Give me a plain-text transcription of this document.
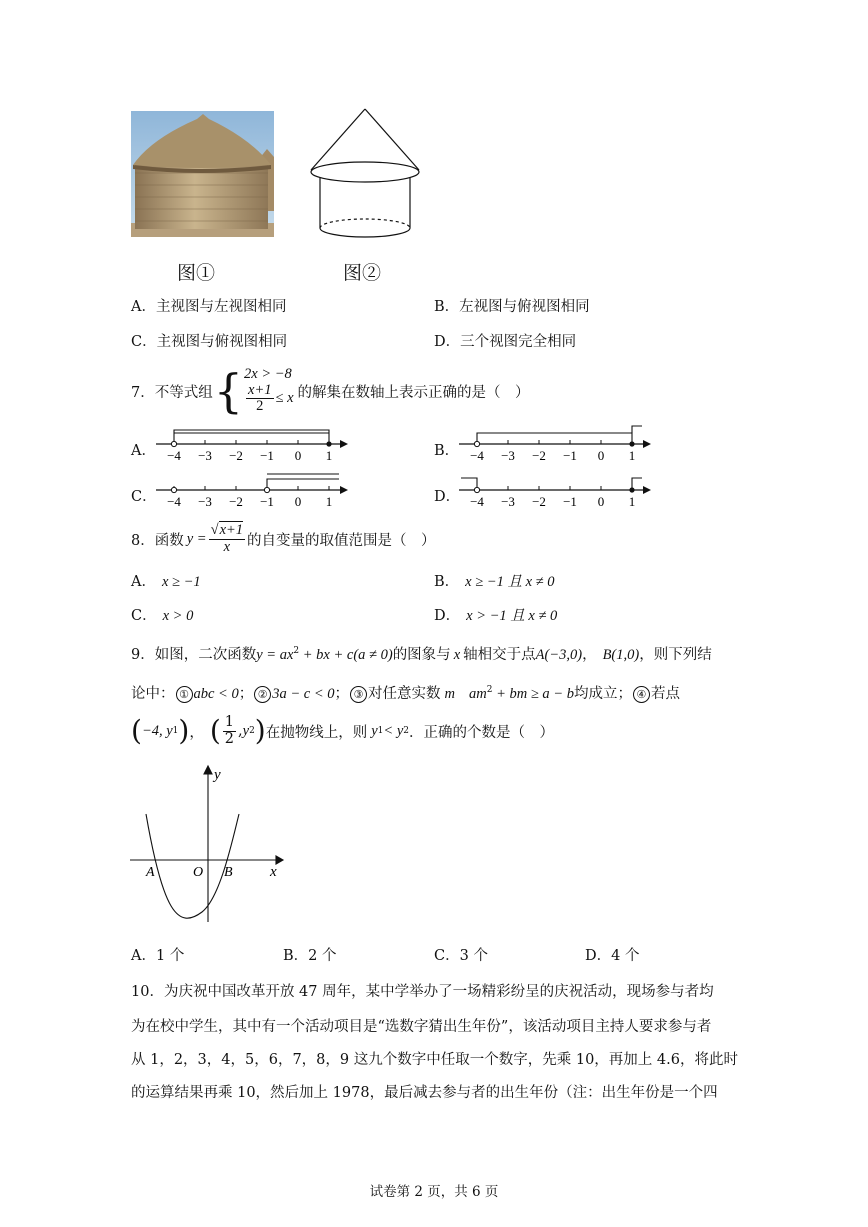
图①	图②
A．主视图与左视图相同	B．左视图与俯视图相同
C．主视图与俯视图相同	D．三个视图完全相同
7．不等式组 { 2x > −8
$\frac{x+1}{2} \le x$ 的解集在数轴上表示正确的是（　）
A． −4 −3 −2 −1 0 1	B． −4 −3 −2 −1 0 1
C． −4 −3 −2 −1 0 1	D． −4 −3 −2 −1 0 1
8．函数 $y = \frac{√x+1}{x}$ 的自变量的取值范围是（　）
A． x ≥ −1	B． x ≥ −1 且 x ≠ 0
C． x > 0	D． x > −1 且 x ≠ 0
9．如图，二次函数$y = ax^2$ + bx + c(a ≠ 0)的图象与 x 轴相交于点A(−3,0)， B(1,0)，则下列结
论中： ① abc < 0； ② 3a − c < 0； ③ 对任意实数 m $am^2$ + bm ≥ a − b均成立； ④ 若点
( −4, y 1 ) ， ( $\frac{1}{2}$ , y 2 ) 在抛物线上，则 y 1 < y 2 ．正确的个数是（　）
y
x
A	O B
A．1 个	B．2 个	C．3 个	D．4 个
10．为庆祝中国改革开放 47 周年，某中学举办了一场精彩纷呈的庆祝活动，现场参与者均
为在校中学生，其中有一个活动项目是“选数字猜出生年份”，该活动项目主持人要求参与者
从 1，2，3，4，5，6，7，8，9 这九个数字中任取一个数字，先乘 10，再加上 4.6，将此时
的运算结果再乘 10，然后加上 1978，最后减去参与者的出生年份（注：出生年份是一个四
试卷第 2 页，共 6 页
